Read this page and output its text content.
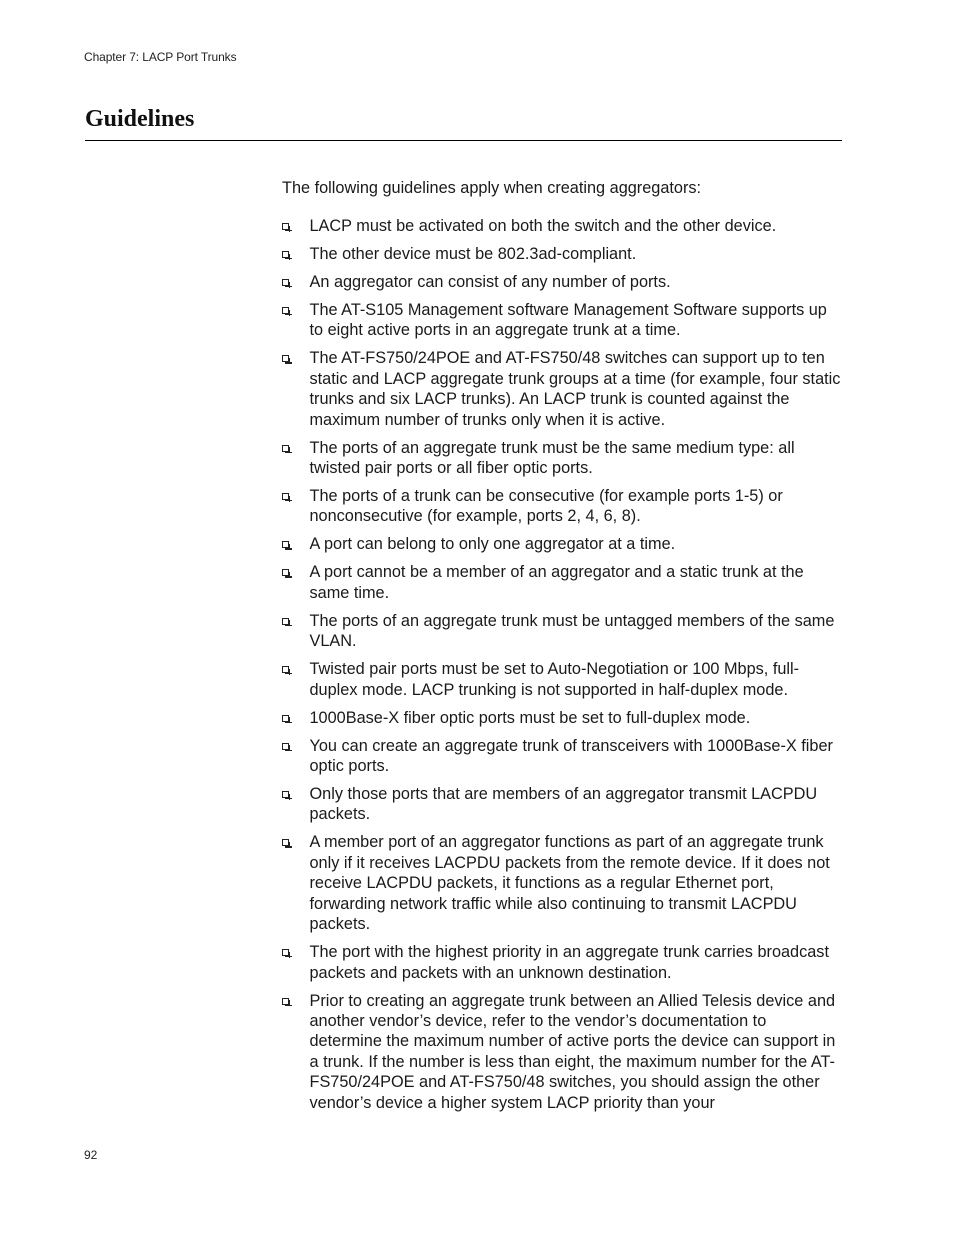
Chapter 7: LACP Port Trunks
Guidelines

The following guidelines apply when creating aggregators:

LACP must be activated on both the switch and the other device.
The other device must be 802.3ad-compliant.
An aggregator can consist of any number of ports.
The AT-S105 Management software Management Software supports up to eight active ports in an aggregate trunk at a time.
The AT-FS750/24POE and AT-FS750/48 switches can support up to ten static and LACP aggregate trunk groups at a time (for example, four static trunks and six LACP trunks). An LACP trunk is counted against the maximum number of trunks only when it is active.
The ports of an aggregate trunk must be the same medium type: all twisted pair ports or all fiber optic ports.
The ports of a trunk can be consecutive (for example ports 1-5) or nonconsecutive (for example, ports 2, 4, 6, 8).
A port can belong to only one aggregator at a time.
A port cannot be a member of an aggregator and a static trunk at the same time.
The ports of an aggregate trunk must be untagged members of the same VLAN.
Twisted pair ports must be set to Auto-Negotiation or 100 Mbps, full-duplex mode. LACP trunking is not supported in half-duplex mode.
1000Base-X fiber optic ports must be set to full-duplex mode.
You can create an aggregate trunk of transceivers with 1000Base-X fiber optic ports.
Only those ports that are members of an aggregator transmit LACPDU packets.
A member port of an aggregator functions as part of an aggregate trunk only if it receives LACPDU packets from the remote device. If it does not receive LACPDU packets, it functions as a regular Ethernet port, forwarding network traffic while also continuing to transmit LACPDU packets.
The port with the highest priority in an aggregate trunk carries broadcast packets and packets with an unknown destination.
Prior to creating an aggregate trunk between an Allied Telesis device and another vendor’s device, refer to the vendor’s documentation to determine the maximum number of active ports the device can support in a trunk. If the number is less than eight, the maximum number for the AT-FS750/24POE and AT-FS750/48 switches, you should assign the other vendor’s device a higher system LACP priority than your
92
